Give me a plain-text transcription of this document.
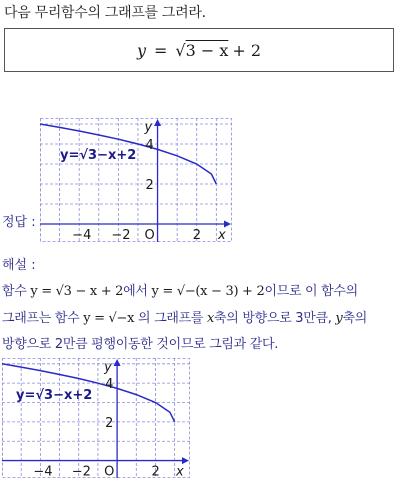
다음 무리함수의 그래프를 그려라.
y = √ 3 − x + 2
−4 −2	2
2
4
O	x
y
y=√3−x+2
정답 :
해설 :
함수 y = √3 − x + 2에서 y = √−(x − 3) + 2이므로 이 함수의
그래프는 함수 y = √−x 의 그래프를 x축의 방향으로 3만큼, y축의
방향으로 2만큼 평행이동한 것이므로 그림과 같다.
−4 −2	2
2
4
O	x
y
y=√3−x+2
